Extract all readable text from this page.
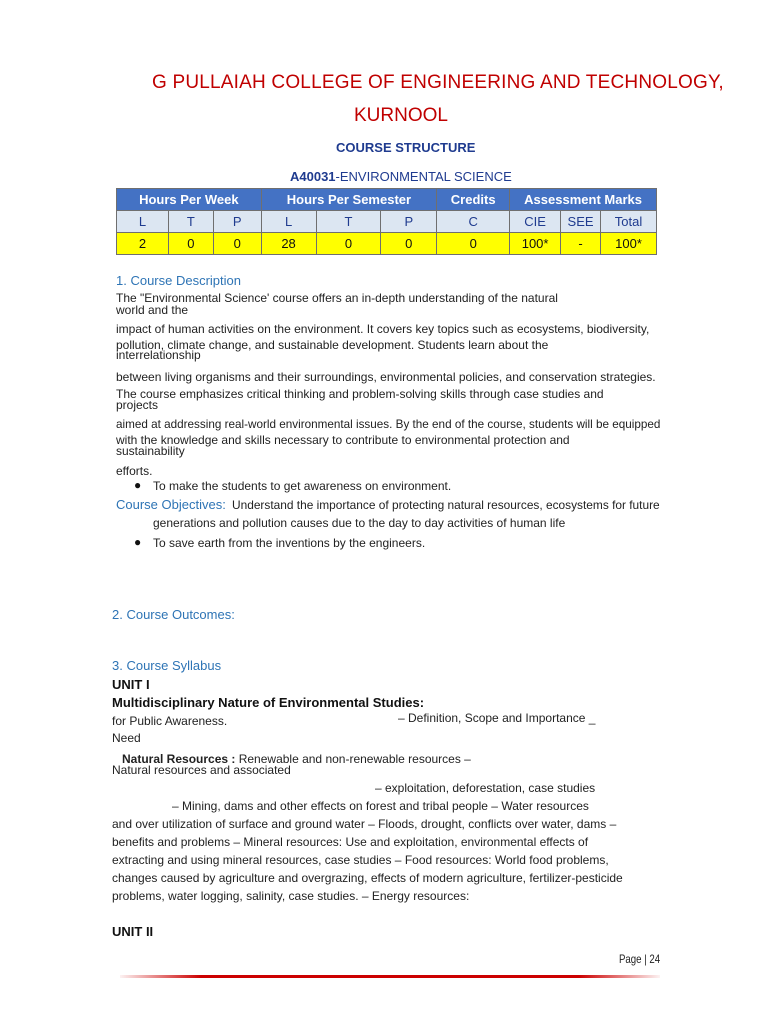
G PULLAIAH COLLEGE OF ENGINEERING AND TECHNOLOGY,
KURNOOL
COURSE STRUCTURE
A40031-ENVIRONMENTAL SCIENCE
Hours Per Week			Hours Per Semester			Credits	Assessment Marks		
L	T	P	L	T	P	C	CIE	SEE	Total
2	0	0	28	0	0	0	100*	-	100*
1. Course Description
The "Environmental Science' course offers an in-depth understanding of the natural
world and the
impact of human activities on the environment. It covers key topics such as ecosystems, biodiversity,
pollution, climate change, and sustainable development. Students learn about the
interrelationship
between living organisms and their surroundings, environmental policies, and conservation strategies.
The course emphasizes critical thinking and problem-solving skills through case studies and
projects
aimed at addressing real-world environmental issues. By the end of the course, students will be equipped
with the knowledge and skills necessary to contribute to environmental protection and
sustainability
efforts.
● To make the students to get awareness on environment.
Course Objectives: Understand the importance of protecting natural resources, ecosystems for future
generations and pollution causes due to the day to day activities of human life
● To save earth from the inventions by the engineers.
2. Course Outcomes:
3. Course Syllabus
UNIT I
Multidisciplinary Nature of Environmental Studies:
for Public Awareness.	– Definition, Scope and Importance _
Need
Natural Resources : Renewable and non-renewable resources –
Natural resources and associated
– exploitation, deforestation, case studies
– Mining, dams and other effects on forest and tribal people – Water resources
and over utilization of surface and ground water – Floods, drought, conflicts over water, dams –
benefits and problems – Mineral resources: Use and exploitation, environmental effects of
extracting and using mineral resources, case studies – Food resources: World food problems,
changes caused by agriculture and overgrazing, effects of modern agriculture, fertilizer-pesticide
problems, water logging, salinity, case studies. – Energy resources:
UNIT II
Page | 24
